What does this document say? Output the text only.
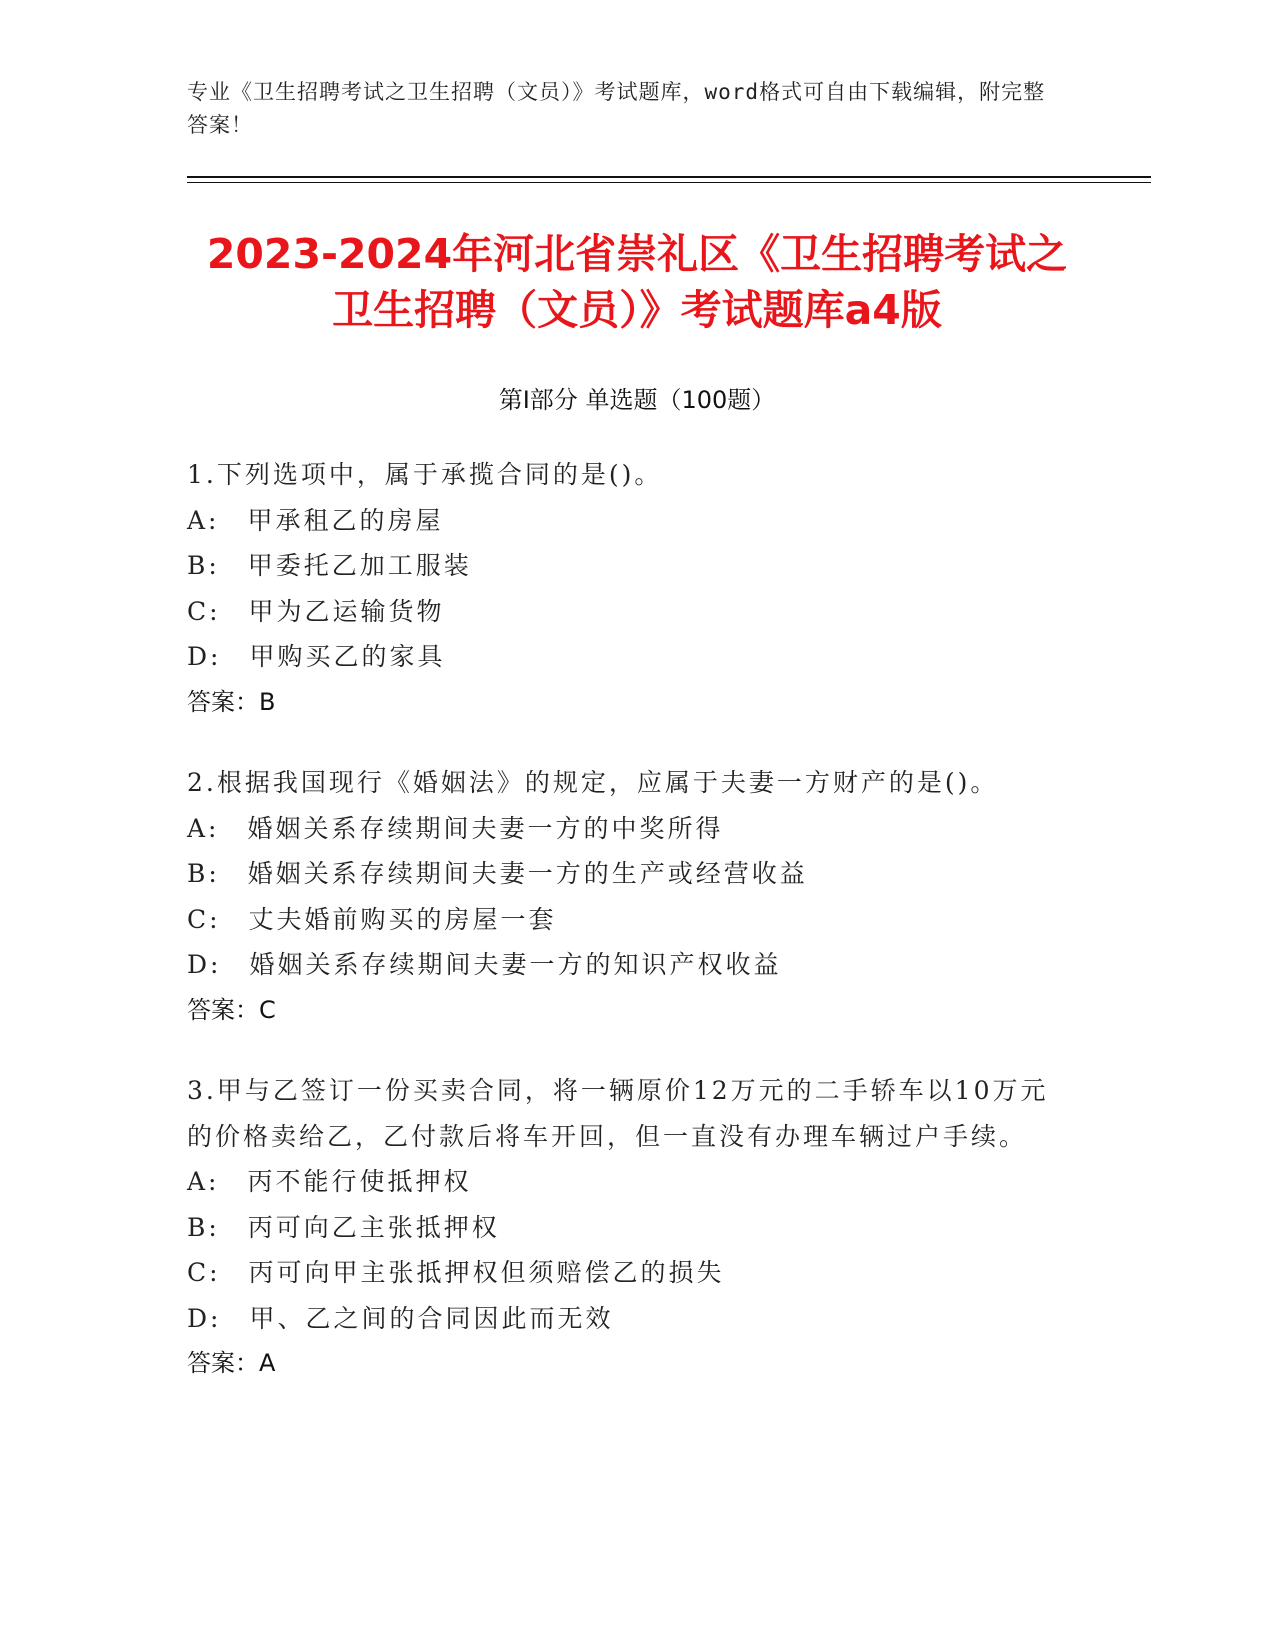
专业《卫生招聘考试之卫生招聘（文员）》考试题库，word格式可自由下载编辑，附完整答案！
2023-2024年河北省崇礼区《卫生招聘考试之卫生招聘（文员）》考试题库a4版
第Ⅰ部分 单选题（100题）
1.下列选项中，属于承揽合同的是()。
A:　甲承租乙的房屋
B:　甲委托乙加工服装
C:　甲为乙运输货物
D:　甲购买乙的家具
答案：B
2.根据我国现行《婚姻法》的规定，应属于夫妻一方财产的是()。
A:　婚姻关系存续期间夫妻一方的中奖所得
B:　婚姻关系存续期间夫妻一方的生产或经营收益
C:　丈夫婚前购买的房屋一套
D:　婚姻关系存续期间夫妻一方的知识产权收益
答案：C
3.甲与乙签订一份买卖合同，将一辆原价12万元的二手轿车以10万元的价格卖给乙，乙付款后将车开回，但一直没有办理车辆过户手续。
A:　丙不能行使抵押权
B:　丙可向乙主张抵押权
C:　丙可向甲主张抵押权但须赔偿乙的损失
D:　甲、乙之间的合同因此而无效
答案：A
